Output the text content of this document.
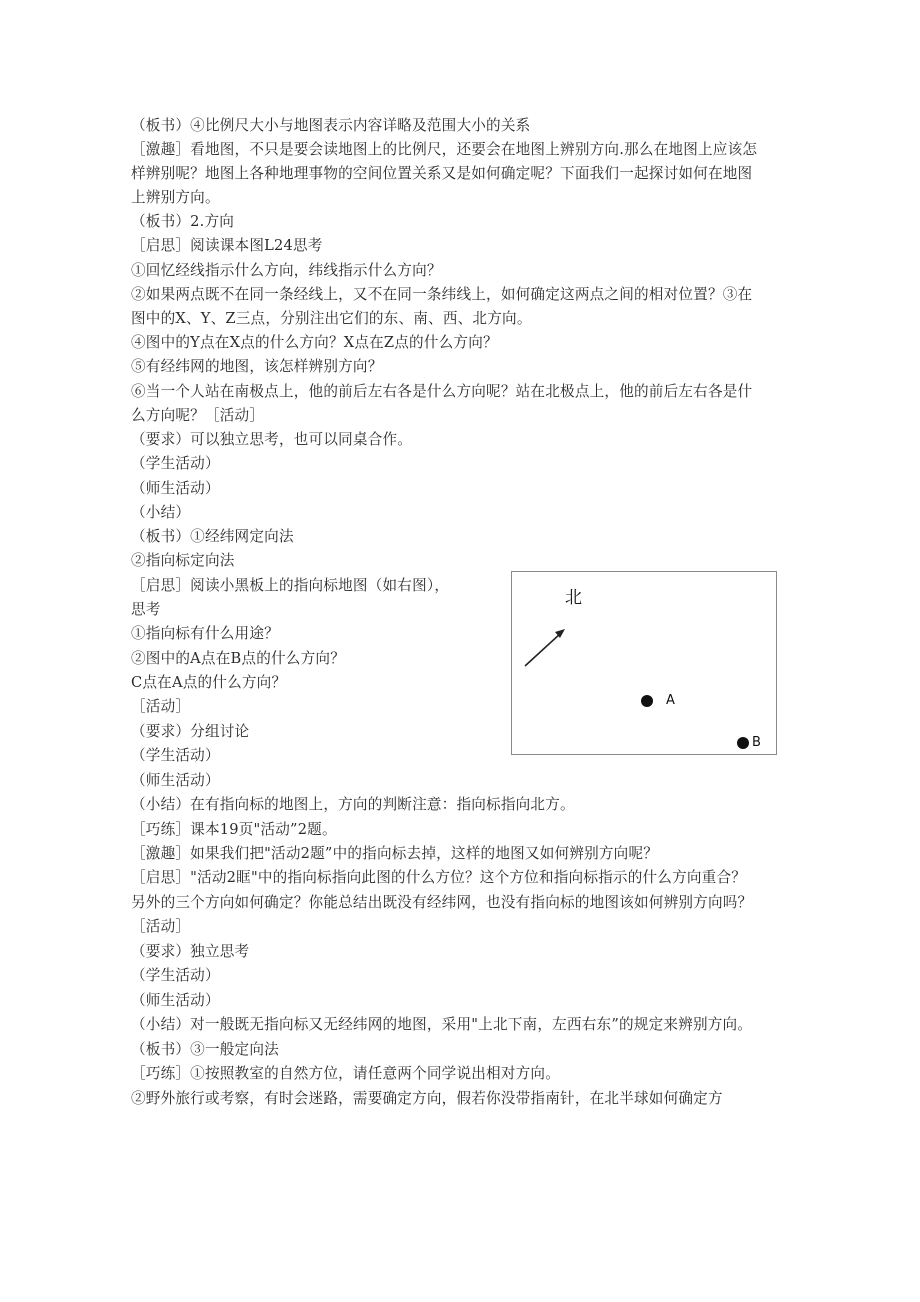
（板书）④比例尺大小与地图表示内容详略及范围大小的关系
［激趣］看地图，不只是要会读地图上的比例尺，还要会在地图上辨别方向.那么在地图上应该怎
样辨别呢？地图上各种地理事物的空间位置关系又是如何确定呢？下面我们一起探讨如何在地图
上辨别方向。
（板书）2.方向
［启思］阅读课本图L24思考
①回忆经线指示什么方向，纬线指示什么方向？
②如果两点既不在同一条经线上，又不在同一条纬线上，如何确定这两点之间的相对位置？③在
图中的X、Y、Z三点，分别注出它们的东、南、西、北方向。
④图中的Y点在X点的什么方向？X点在Z点的什么方向？
⑤有经纬网的地图，该怎样辨别方向？
⑥当一个人站在南极点上，他的前后左右各是什么方向呢？站在北极点上，他的前后左右各是什
么方向呢？［活动］
（要求）可以独立思考，也可以同桌合作。
（学生活动）
（师生活动）
（小结）
（板书）①经纬网定向法
②指向标定向法
［启思］阅读小黑板上的指向标地图（如右图），
思考
①指向标有什么用途？
②图中的A点在B点的什么方向？
C点在A点的什么方向？
［活动］
（要求）分组讨论
（学生活动）
（师生活动）
（小结）在有指向标的地图上，方向的判断注意：指向标指向北方。
［巧练］课本19页"活动”2题。
［激趣］如果我们把"活动2题”中的指向标去掉，这样的地图又如何辨别方向呢？
［启思］"活动2眶"中的指向标指向此图的什么方位？这个方位和指向标指示的什么方向重合？
另外的三个方向如何确定？你能总结出既没有经纬网，也没有指向标的地图该如何辨别方向吗？
［活动］
（要求）独立思考
（学生活动）
（师生活动）
（小结）对一般既无指向标又无经纬网的地图，采用"上北下南，左西右东”的规定来辨别方向。
（板书）③一般定向法
［巧练］①按照教室的自然方位，请任意两个同学说出相对方向。
②野外旅行或考察，有时会迷路，需要确定方向，假若你没带指南针，在北半球如何确定方
北
A
B
